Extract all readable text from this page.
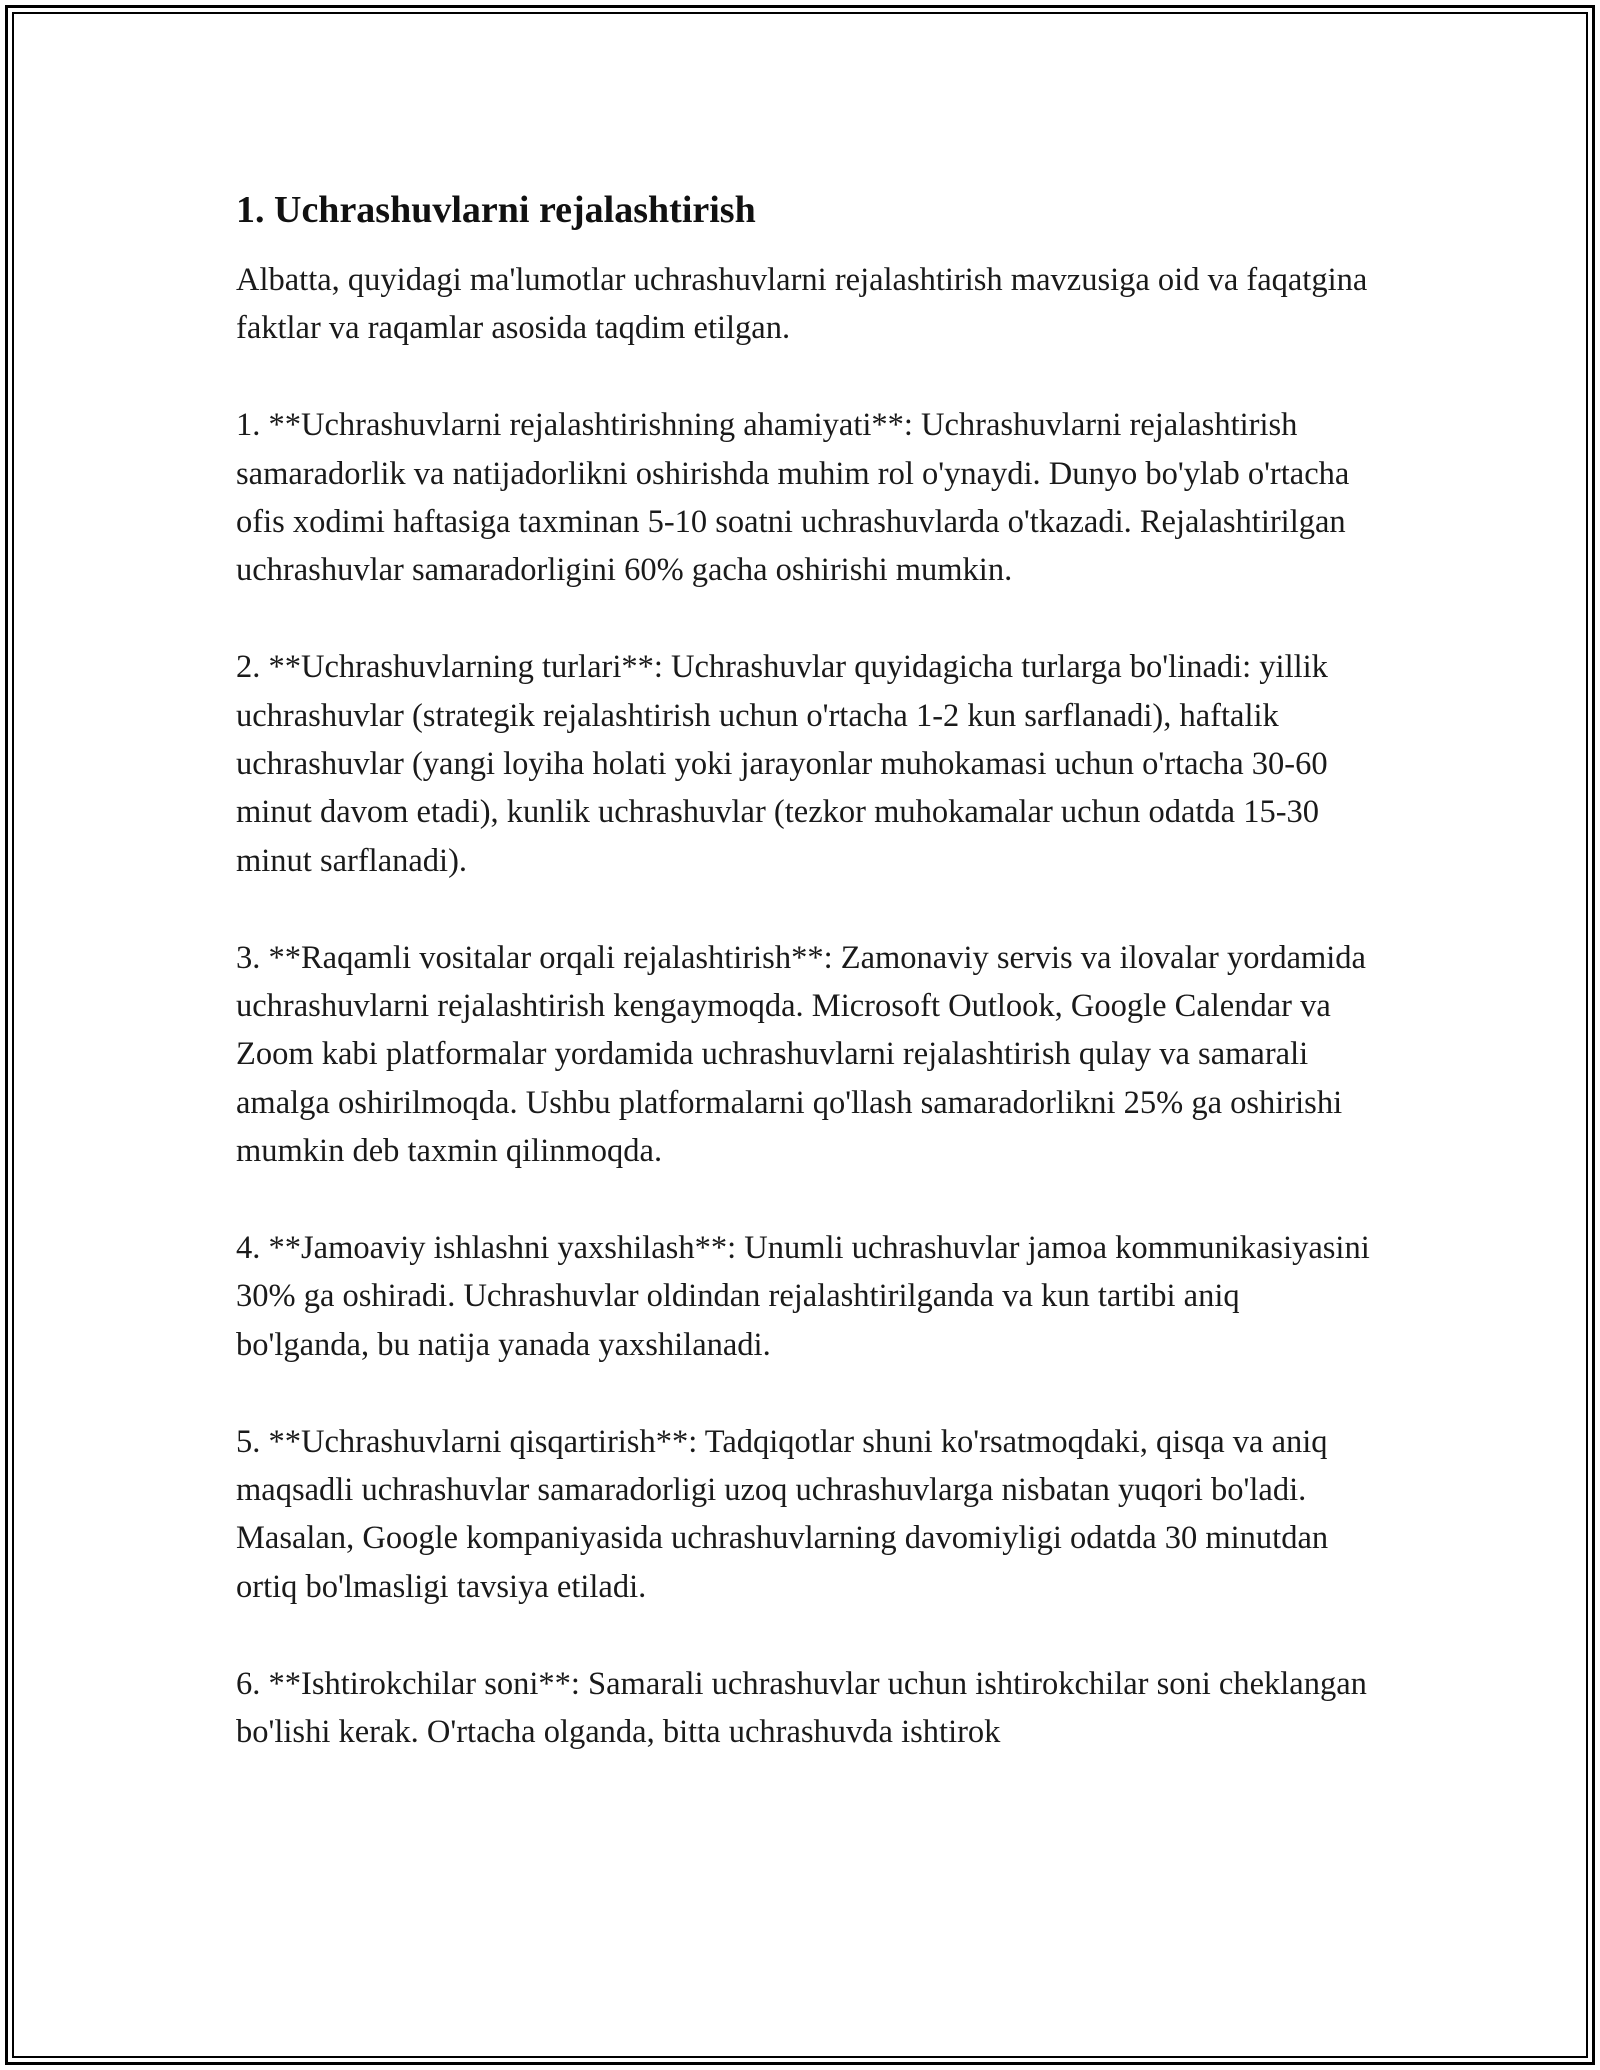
1. Uchrashuvlarni rejalashtirish

Albatta, quyidagi ma'lumotlar uchrashuvlarni rejalashtirish mavzusiga oid va faqatgina faktlar va raqamlar asosida taqdim etilgan.

1. **Uchrashuvlarni rejalashtirishning ahamiyati**: Uchrashuvlarni rejalashtirish samaradorlik va natijadorlikni oshirishda muhim rol o'ynaydi. Dunyo bo'ylab o'rtacha ofis xodimi haftasiga taxminan 5-10 soatni uchrashuvlarda o'tkazadi. Rejalashtirilgan uchrashuvlar samaradorligini 60% gacha oshirishi mumkin.

2. **Uchrashuvlarning turlari**: Uchrashuvlar quyidagicha turlarga bo'linadi: yillik uchrashuvlar (strategik rejalashtirish uchun o'rtacha 1-2 kun sarflanadi), haftalik uchrashuvlar (yangi loyiha holati yoki jarayonlar muhokamasi uchun o'rtacha 30-60 minut davom etadi), kunlik uchrashuvlar (tezkor muhokamalar uchun odatda 15-30 minut sarflanadi).

3. **Raqamli vositalar orqali rejalashtirish**: Zamonaviy servis va ilovalar yordamida uchrashuvlarni rejalashtirish kengaymoqda. Microsoft Outlook, Google Calendar va Zoom kabi platformalar yordamida uchrashuvlarni rejalashtirish qulay va samarali amalga oshirilmoqda. Ushbu platformalarni qo'llash samaradorlikni 25% ga oshirishi mumkin deb taxmin qilinmoqda.

4. **Jamoaviy ishlashni yaxshilash**: Unumli uchrashuvlar jamoa kommunikasiyasini 30% ga oshiradi. Uchrashuvlar oldindan rejalashtirilganda va kun tartibi aniq bo'lganda, bu natija yanada yaxshilanadi.

5. **Uchrashuvlarni qisqartirish**: Tadqiqotlar shuni ko'rsatmoqdaki, qisqa va aniq maqsadli uchrashuvlar samaradorligi uzoq uchrashuvlarga nisbatan yuqori bo'ladi. Masalan, Google kompaniyasida uchrashuvlarning davomiyligi odatda 30 minutdan ortiq bo'lmasligi tavsiya etiladi.

6. **Ishtirokchilar soni**: Samarali uchrashuvlar uchun ishtirokchilar soni cheklangan bo'lishi kerak. O'rtacha olganda, bitta uchrashuvda ishtirok
